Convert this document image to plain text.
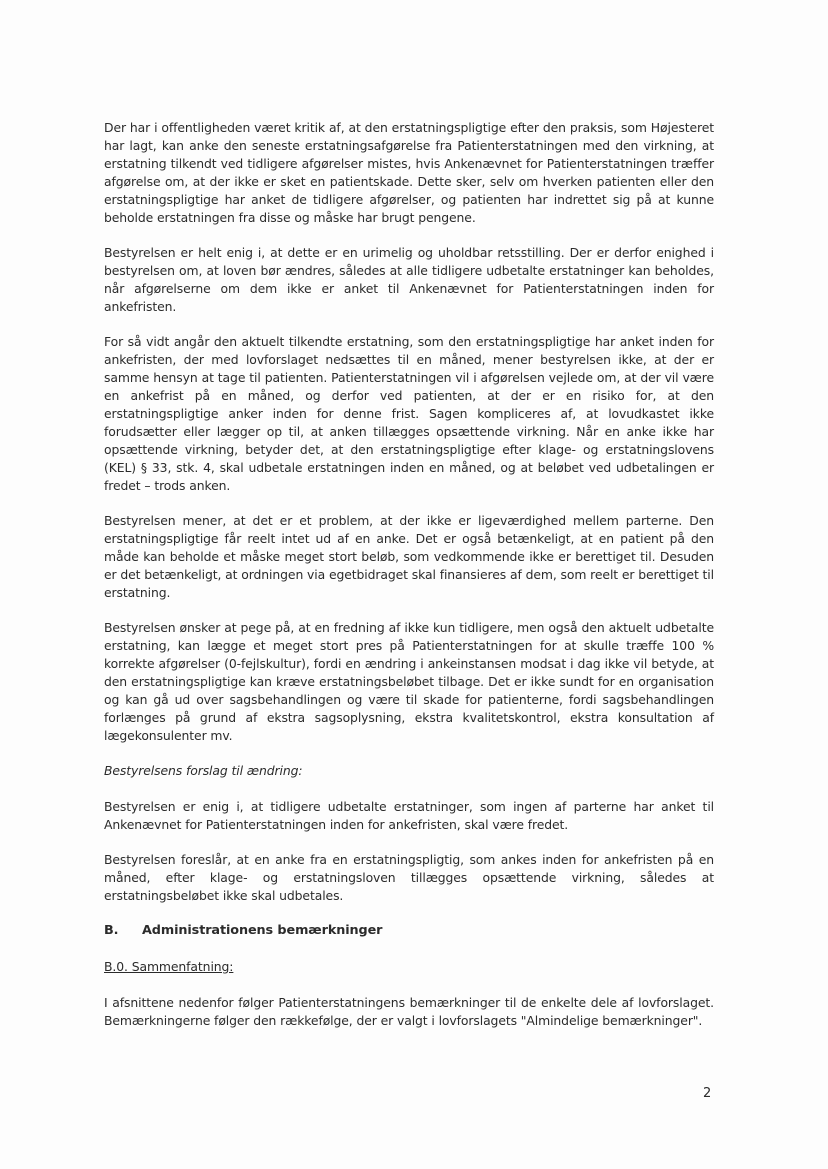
Der har i offentligheden været kritik af, at den erstatningspligtige efter den praksis, som Højesteret har lagt, kan anke den seneste erstatningsafgørelse fra Patienterstatningen med den virkning, at erstatning tilkendt ved tidligere afgørelser mistes, hvis Ankenævnet for Patienterstatningen træffer afgørelse om, at der ikke er sket en patientskade. Dette sker, selv om hverken patienten eller den erstatningspligtige har anket de tidligere afgørelser, og patienten har indrettet sig på at kunne beholde erstatningen fra disse og måske har brugt pengene.

Bestyrelsen er helt enig i, at dette er en urimelig og uholdbar retsstilling. Der er derfor enighed i bestyrelsen om, at loven bør ændres, således at alle tidligere udbetalte erstatninger kan beholdes, når afgørelserne om dem ikke er anket til Ankenævnet for Patienterstatningen inden for ankefristen.

For så vidt angår den aktuelt tilkendte erstatning, som den erstatningspligtige har anket inden for ankefristen, der med lovforslaget nedsættes til en måned, mener bestyrelsen ikke, at der er samme hensyn at tage til patienten. Patienterstatningen vil i afgørelsen vejlede om, at der vil være en ankefrist på en måned, og derfor ved patienten, at der er en risiko for, at den erstatningspligtige anker inden for denne frist. Sagen kompliceres af, at lovudkastet ikke forudsætter eller lægger op til, at anken tillægges opsættende virkning. Når en anke ikke har opsættende virkning, betyder det, at den erstatningspligtige efter klage- og erstatningslovens (KEL) § 33, stk. 4, skal udbetale erstatningen inden en måned, og at beløbet ved udbetalingen er fredet – trods anken.

Bestyrelsen mener, at det er et problem, at der ikke er ligeværdighed mellem parterne. Den erstatningspligtige får reelt intet ud af en anke. Det er også betænkeligt, at en patient på den måde kan beholde et måske meget stort beløb, som vedkommende ikke er berettiget til. Desuden er det betænkeligt, at ordningen via egetbidraget skal finansieres af dem, som reelt er berettiget til erstatning.

Bestyrelsen ønsker at pege på, at en fredning af ikke kun tidligere, men også den aktuelt udbetalte erstatning, kan lægge et meget stort pres på Patienterstatningen for at skulle træffe 100 % korrekte afgørelser (0-fejlskultur), fordi en ændring i ankeinstansen modsat i dag ikke vil betyde, at den erstatningspligtige kan kræve erstatningsbeløbet tilbage. Det er ikke sundt for en organisation og kan gå ud over sagsbehandlingen og være til skade for patienterne, fordi sagsbehandlingen forlænges på grund af ekstra sagsoplysning, ekstra kvalitetskontrol, ekstra konsultation af lægekonsulenter mv.

Bestyrelsens forslag til ændring:

Bestyrelsen er enig i, at tidligere udbetalte erstatninger, som ingen af parterne har anket til Ankenævnet for Patienterstatningen inden for ankefristen, skal være fredet.

Bestyrelsen foreslår, at en anke fra en erstatningspligtig, som ankes inden for ankefristen på en måned, efter klage- og erstatningsloven tillægges opsættende virkning, således at erstatningsbeløbet ikke skal udbetales.

B.	Administrationens bemærkninger
B.0. Sammenfatning:

I afsnittene nedenfor følger Patienterstatningens bemærkninger til de enkelte dele af lovforslaget. Bemærkningerne følger den rækkefølge, der er valgt i lovforslagets "Almindelige bemærkninger".

2
